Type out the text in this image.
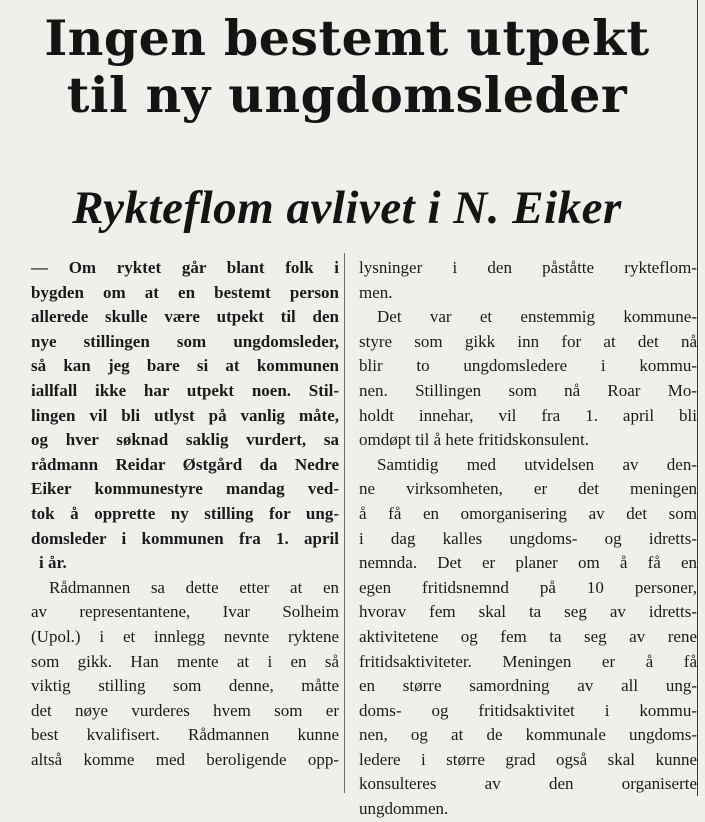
Ingen bestemt utpekt
til ny ungdomsleder
Rykteflom avlivet i N. Eiker
— Om ryktet går blant folk i
bygden om at en bestemt person
allerede skulle være utpekt til den
nye stillingen som ungdomsleder,
så kan jeg bare si at kommunen
iallfall ikke har utpekt noen. Stil-
lingen vil bli utlyst på vanlig måte,
og hver søknad saklig vurdert, sa
rådmann Reidar Østgård da Nedre
Eiker kommunestyre mandag ved-
tok å opprette ny stilling for ung-
domsleder i kommunen fra 1. april
i år.
Rådmannen sa dette etter at en
av representantene, Ivar Solheim
(Upol.) i et innlegg nevnte ryktene
som gikk. Han mente at i en så
viktig stilling som denne, måtte
det nøye vurderes hvem som er
best kvalifisert. Rådmannen kunne
altså komme med beroligende opp-
lysninger i den påståtte rykteflom-
men.
Det var et enstemmig kommune-
styre som gikk inn for at det nå
blir to ungdomsledere i kommu-
nen. Stillingen som nå Roar Mo-
holdt innehar, vil fra 1. april bli
omdøpt til å hete fritidskonsulent.
Samtidig med utvidelsen av den-
ne virksomheten, er det meningen
å få en omorganisering av det som
i dag kalles ungdoms- og idretts-
nemnda. Det er planer om å få en
egen fritidsnemnd på 10 personer,
hvorav fem skal ta seg av idretts-
aktivitetene og fem ta seg av rene
fritidsaktiviteter. Meningen er å få
en større samordning av all ung-
doms- og fritidsaktivitet i kommu-
nen, og at de kommunale ungdoms-
ledere i større grad også skal kunne
konsulteres av den organiserte
ungdommen.
